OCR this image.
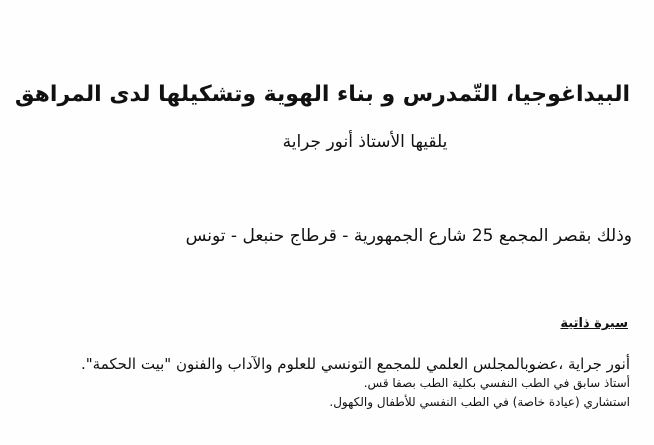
البيداغوجيا، التّمدرس و بناء الهوية وتشكيلها لدى المراهق
يلقيها الأستاذ أنور جراية
وذلك بقصر المجمع 25 شارع الجمهورية - قرطاج حنبعل - تونس
سيرة ذاتية
أنور جراية ،عضوبالمجلس العلمي للمجمع التونسي للعلوم والآداب والفنون "بيت الحكمة".
أستاذ سابق في الطب النفسي بكلية الطب بصفا قس.
استشاري (عيادة خاصة) في الطب النفسي للأطفال والكهول.
